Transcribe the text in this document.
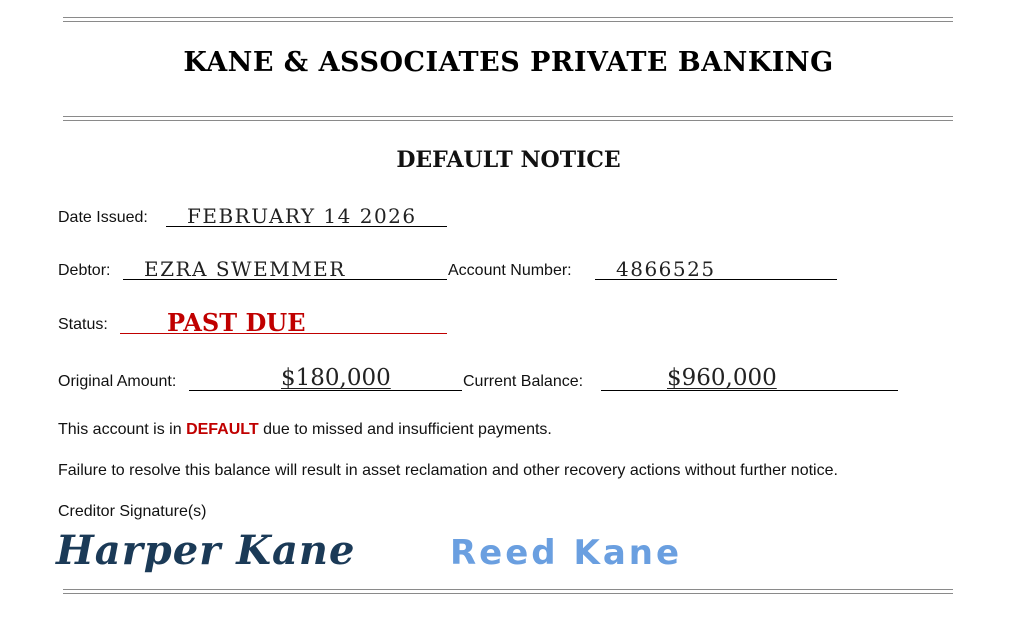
KANE & ASSOCIATES PRIVATE BANKING
DEFAULT NOTICE
Date Issued: FEBRUARY 14 2026
Debtor: EZRA SWEMMER	Account Number: 4866525
Status: PAST DUE
Original Amount:	$180,000	Current Balance:	$960,000
This account is in DEFAULT due to missed and insufficient payments.
Failure to resolve this balance will result in asset reclamation and other recovery actions without further notice.
Creditor Signature(s)
Harper Kane	Reed Kane
